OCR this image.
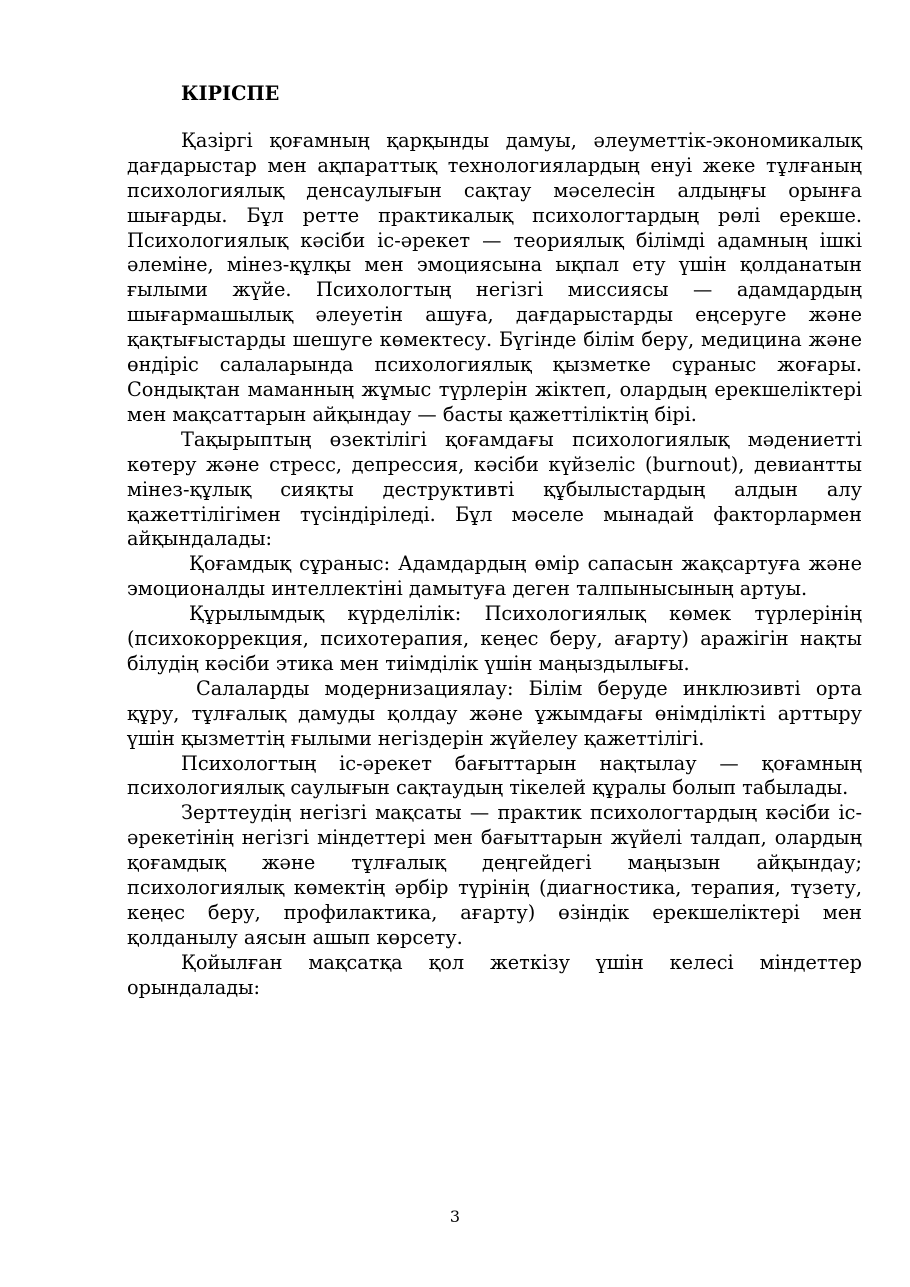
КІРІСПЕ

Қазіргі қоғамның қарқынды дамуы, әлеуметтік-экономикалық дағдарыстар мен ақпараттық технологиялардың енуі жеке тұлғаның психологиялық денсаулығын сақтау мәселесін алдыңғы орынға шығарды. Бұл ретте практикалық психологтардың рөлі ерекше. Психологиялық кәсіби іс-әрекет — теориялық білімді адамның ішкі әлеміне, мінез-құлқы мен эмоциясына ықпал ету үшін қолданатын ғылыми жүйе. Психологтың негізгі миссиясы — адамдардың шығармашылық әлеуетін ашуға, дағдарыстарды еңсеруге және қақтығыстарды шешуге көмектесу. Бүгінде білім беру, медицина және өндіріс салаларында психологиялық қызметке сұраныс жоғары. Сондықтан маманның жұмыс түрлерін жіктеп, олардың ерекшеліктері мен мақсаттарын айқындау — басты қажеттіліктің бірі.

Тақырыптың өзектілігі қоғамдағы психологиялық мәдениетті көтеру және стресс, депрессия, кәсіби күйзеліс (burnout), девиантты мінез-құлық сияқты деструктивті құбылыстардың алдын алу қажеттілігімен түсіндіріледі. Бұл мәселе мынадай факторлармен айқындалады:

Қоғамдық сұраныс: Адамдардың өмір сапасын жақсартуға және эмоционалды интеллектіні дамытуға деген талпынысының артуы.

Құрылымдық күрделілік: Психологиялық көмек түрлерінің (психокоррекция, психотерапия, кеңес беру, ағарту) аражігін нақты білудің кәсіби этика мен тиімділік үшін маңыздылығы.

Салаларды модернизациялау: Білім беруде инклюзивті орта құру, тұлғалық дамуды қолдау және ұжымдағы өнімділікті арттыру үшін қызметтің ғылыми негіздерін жүйелеу қажеттілігі.

Психологтың іс-әрекет бағыттарын нақтылау — қоғамның психологиялық саулығын сақтаудың тікелей құралы болып табылады.

Зерттеудің негізгі мақсаты — практик психологтардың кәсіби іс-әрекетінің негізгі міндеттері мен бағыттарын жүйелі талдап, олардың қоғамдық және тұлғалық деңгейдегі маңызын айқындау; психологиялық көмектің әрбір түрінің (диагностика, терапия, түзету, кеңес беру, профилактика, ағарту) өзіндік ерекшеліктері мен қолданылу аясын ашып көрсету.

Қойылған мақсатқа қол жеткізу үшін келесі міндеттер орындалады:

3
